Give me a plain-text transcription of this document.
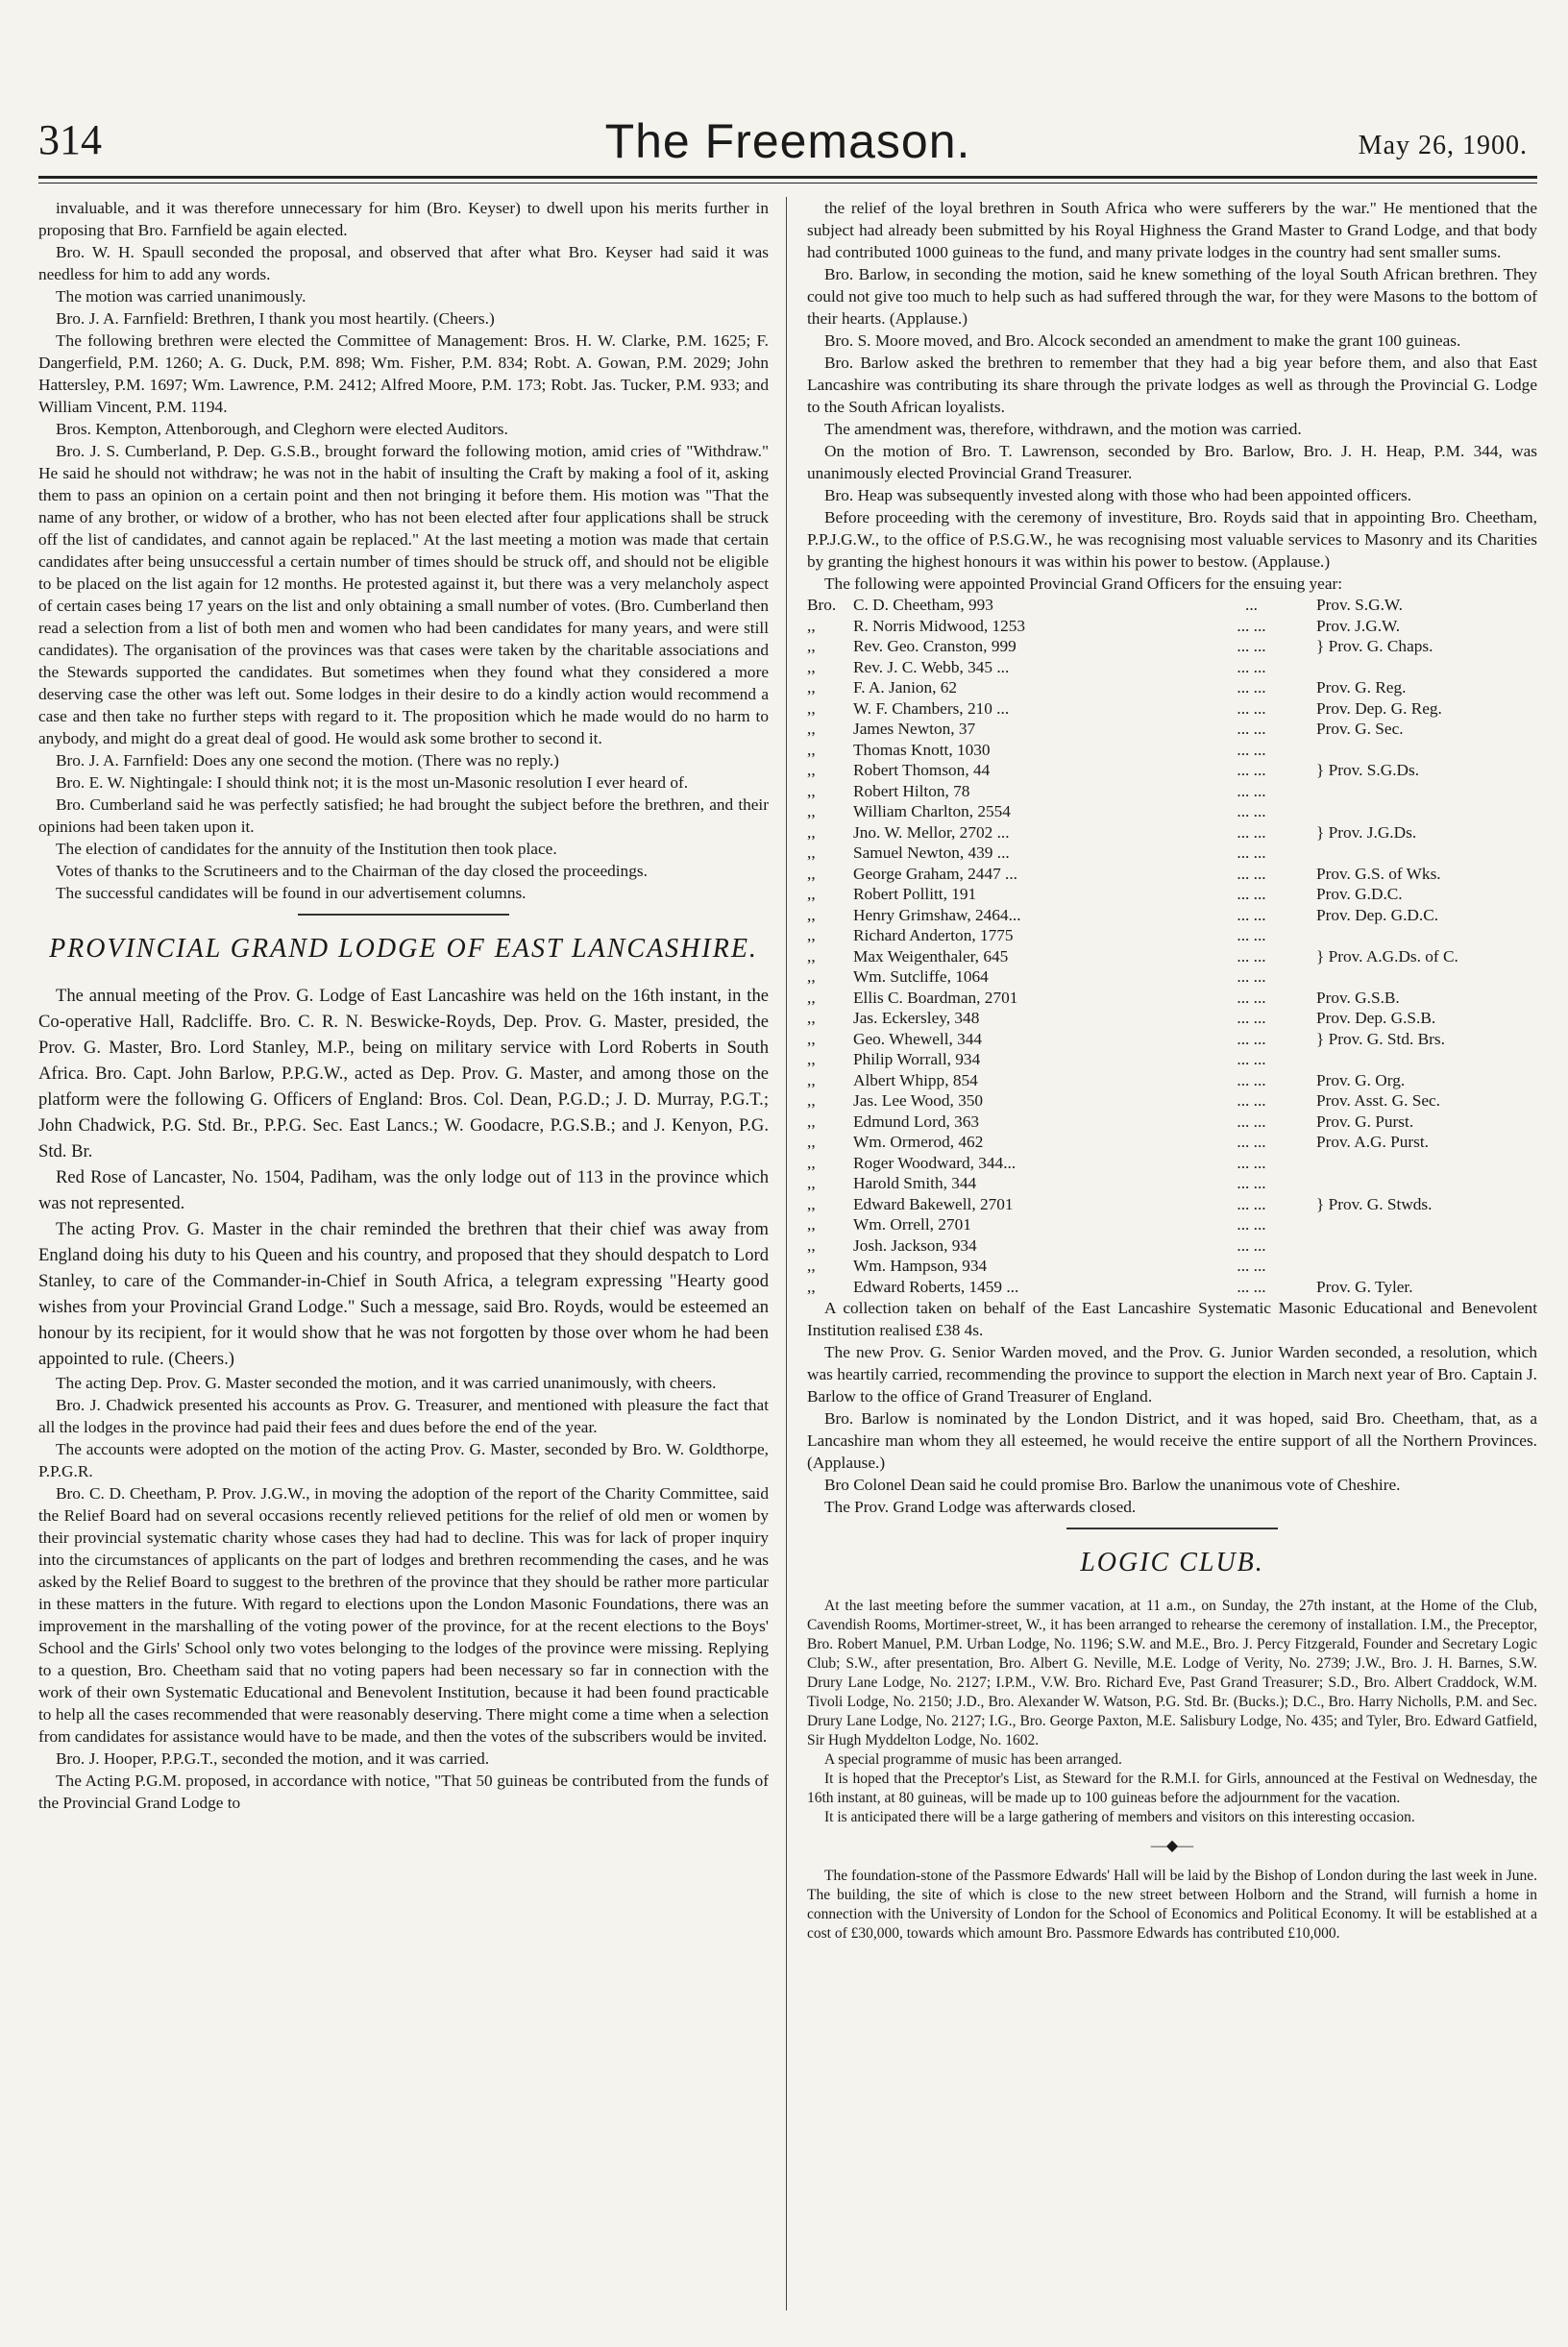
314	The Freemason.	May 26, 1900.

invaluable, and it was therefore unnecessary for him (Bro. Keyser) to dwell upon his merits further in proposing that Bro. Farnfield be again elected.

Bro. W. H. Spaull seconded the proposal, and observed that after what Bro. Keyser had said it was needless for him to add any words.

The motion was carried unanimously.

Bro. J. A. Farnfield: Brethren, I thank you most heartily. (Cheers.)

The following brethren were elected the Committee of Management: Bros. H. W. Clarke, P.M. 1625; F. Dangerfield, P.M. 1260; A. G. Duck, P.M. 898; Wm. Fisher, P.M. 834; Robt. A. Gowan, P.M. 2029; John Hattersley, P.M. 1697; Wm. Lawrence, P.M. 2412; Alfred Moore, P.M. 173; Robt. Jas. Tucker, P.M. 933; and William Vincent, P.M. 1194.

Bros. Kempton, Attenborough, and Cleghorn were elected Auditors.

Bro. J. S. Cumberland, P. Dep. G.S.B., brought forward the following motion, amid cries of "Withdraw." He said he should not withdraw; he was not in the habit of insulting the Craft by making a fool of it, asking them to pass an opinion on a certain point and then not bringing it before them. His motion was "That the name of any brother, or widow of a brother, who has not been elected after four applications shall be struck off the list of candidates, and cannot again be replaced." At the last meeting a motion was made that certain candidates after being unsuccessful a certain number of times should be struck off, and should not be eligible to be placed on the list again for 12 months. He protested against it, but there was a very melancholy aspect of certain cases being 17 years on the list and only obtaining a small number of votes. (Bro. Cumberland then read a selection from a list of both men and women who had been candidates for many years, and were still candidates). The organisation of the provinces was that cases were taken by the charitable associations and the Stewards supported the candidates. But sometimes when they found what they considered a more deserving case the other was left out. Some lodges in their desire to do a kindly action would recommend a case and then take no further steps with regard to it. The proposition which he made would do no harm to anybody, and might do a great deal of good. He would ask some brother to second it.

Bro. J. A. Farnfield: Does any one second the motion. (There was no reply.)

Bro. E. W. Nightingale: I should think not; it is the most un-Masonic resolution I ever heard of.

Bro. Cumberland said he was perfectly satisfied; he had brought the subject before the brethren, and their opinions had been taken upon it.

The election of candidates for the annuity of the Institution then took place.

Votes of thanks to the Scrutineers and to the Chairman of the day closed the proceedings.

The successful candidates will be found in our advertisement columns.

PROVINCIAL GRAND LODGE OF EAST LANCASHIRE.

The annual meeting of the Prov. G. Lodge of East Lancashire was held on the 16th instant, in the Co-operative Hall, Radcliffe. Bro. C. R. N. Beswicke-Royds, Dep. Prov. G. Master, presided, the Prov. G. Master, Bro. Lord Stanley, M.P., being on military service with Lord Roberts in South Africa. Bro. Capt. John Barlow, P.P.G.W., acted as Dep. Prov. G. Master, and among those on the platform were the following G. Officers of England: Bros. Col. Dean, P.G.D.; J. D. Murray, P.G.T.; John Chadwick, P.G. Std. Br., P.P.G. Sec. East Lancs.; W. Goodacre, P.G.S.B.; and J. Kenyon, P.G. Std. Br.

Red Rose of Lancaster, No. 1504, Padiham, was the only lodge out of 113 in the province which was not represented.

The acting Prov. G. Master in the chair reminded the brethren that their chief was away from England doing his duty to his Queen and his country, and proposed that they should despatch to Lord Stanley, to care of the Commander-in-Chief in South Africa, a telegram expressing "Hearty good wishes from your Provincial Grand Lodge." Such a message, said Bro. Royds, would be esteemed an honour by its recipient, for it would show that he was not forgotten by those over whom he had been appointed to rule. (Cheers.)

The acting Dep. Prov. G. Master seconded the motion, and it was carried unanimously, with cheers.

Bro. J. Chadwick presented his accounts as Prov. G. Treasurer, and mentioned with pleasure the fact that all the lodges in the province had paid their fees and dues before the end of the year.

The accounts were adopted on the motion of the acting Prov. G. Master, seconded by Bro. W. Goldthorpe, P.P.G.R.

Bro. C. D. Cheetham, P. Prov. J.G.W., in moving the adoption of the report of the Charity Committee, said the Relief Board had on several occasions recently relieved petitions for the relief of old men or women by their provincial systematic charity whose cases they had had to decline. This was for lack of proper inquiry into the circumstances of applicants on the part of lodges and brethren recommending the cases, and he was asked by the Relief Board to suggest to the brethren of the province that they should be rather more particular in these matters in the future. With regard to elections upon the London Masonic Foundations, there was an improvement in the marshalling of the voting power of the province, for at the recent elections to the Boys' School and the Girls' School only two votes belonging to the lodges of the province were missing. Replying to a question, Bro. Cheetham said that no voting papers had been necessary so far in connection with the work of their own Systematic Educational and Benevolent Institution, because it had been found practicable to help all the cases recommended that were reasonably deserving. There might come a time when a selection from candidates for assistance would have to be made, and then the votes of the subscribers would be invited.

Bro. J. Hooper, P.P.G.T., seconded the motion, and it was carried.

The Acting P.G.M. proposed, in accordance with notice, "That 50 guineas be contributed from the funds of the Provincial Grand Lodge to

the relief of the loyal brethren in South Africa who were sufferers by the war." He mentioned that the subject had already been submitted by his Royal Highness the Grand Master to Grand Lodge, and that body had contributed 1000 guineas to the fund, and many private lodges in the country had sent smaller sums.

Bro. Barlow, in seconding the motion, said he knew something of the loyal South African brethren. They could not give too much to help such as had suffered through the war, for they were Masons to the bottom of their hearts. (Applause.)

Bro. S. Moore moved, and Bro. Alcock seconded an amendment to make the grant 100 guineas.

Bro. Barlow asked the brethren to remember that they had a big year before them, and also that East Lancashire was contributing its share through the private lodges as well as through the Provincial G. Lodge to the South African loyalists.

The amendment was, therefore, withdrawn, and the motion was carried.

On the motion of Bro. T. Lawrenson, seconded by Bro. Barlow, Bro. J. H. Heap, P.M. 344, was unanimously elected Provincial Grand Treasurer.

Bro. Heap was subsequently invested along with those who had been appointed officers.

Before proceeding with the ceremony of investiture, Bro. Royds said that in appointing Bro. Cheetham, P.P.J.G.W., to the office of P.S.G.W., he was recognising most valuable services to Masonry and its Charities by granting the highest honours it was within his power to bestow. (Applause.)

The following were appointed Provincial Grand Officers for the ensuing year:

Bro.	C. D. Cheetham, 993	...	Prov. S.G.W.
,,	R. Norris Midwood, 1253	... ...	Prov. J.G.W.
,,	Rev. Geo. Cranston, 999	... ...	} Prov. G. Chaps.
,,	Rev. J. C. Webb, 345 ...	... ...	
,,	F. A. Janion, 62	... ...	Prov. G. Reg.
,,	W. F. Chambers, 210 ...	... ...	Prov. Dep. G. Reg.
,,	James Newton, 37	... ...	Prov. G. Sec.
,,	Thomas Knott, 1030	... ...	
,,	Robert Thomson, 44	... ...	} Prov. S.G.Ds.
,,	Robert Hilton, 78	... ...	
,,	William Charlton, 2554	... ...	
,,	Jno. W. Mellor, 2702 ...	... ...	} Prov. J.G.Ds.
,,	Samuel Newton, 439 ...	... ...	
,,	George Graham, 2447 ...	... ...	Prov. G.S. of Wks.
,,	Robert Pollitt, 191	... ...	Prov. G.D.C.
,,	Henry Grimshaw, 2464...	... ...	Prov. Dep. G.D.C.
,,	Richard Anderton, 1775	... ...	
,,	Max Weigenthaler, 645	... ...	} Prov. A.G.Ds. of C.
,,	Wm. Sutcliffe, 1064	... ...	
,,	Ellis C. Boardman, 2701	... ...	Prov. G.S.B.
,,	Jas. Eckersley, 348	... ...	Prov. Dep. G.S.B.
,,	Geo. Whewell, 344	... ...	} Prov. G. Std. Brs.
,,	Philip Worrall, 934	... ...	
,,	Albert Whipp, 854	... ...	Prov. G. Org.
,,	Jas. Lee Wood, 350	... ...	Prov. Asst. G. Sec.
,,	Edmund Lord, 363	... ...	Prov. G. Purst.
,,	Wm. Ormerod, 462	... ...	Prov. A.G. Purst.
,,	Roger Woodward, 344...	... ...	
,,	Harold Smith, 344	... ...	
,,	Edward Bakewell, 2701	... ...	} Prov. G. Stwds.
,,	Wm. Orrell, 2701	... ...	
,,	Josh. Jackson, 934	... ...	
,,	Wm. Hampson, 934	... ...	
,,	Edward Roberts, 1459 ...	... ...	Prov. G. Tyler.

A collection taken on behalf of the East Lancashire Systematic Masonic Educational and Benevolent Institution realised £38 4s.

The new Prov. G. Senior Warden moved, and the Prov. G. Junior Warden seconded, a resolution, which was heartily carried, recommending the province to support the election in March next year of Bro. Captain J. Barlow to the office of Grand Treasurer of England.

Bro. Barlow is nominated by the London District, and it was hoped, said Bro. Cheetham, that, as a Lancashire man whom they all esteemed, he would receive the entire support of all the Northern Provinces. (Applause.)

Bro Colonel Dean said he could promise Bro. Barlow the unanimous vote of Cheshire.

The Prov. Grand Lodge was afterwards closed.

LOGIC CLUB.

At the last meeting before the summer vacation, at 11 a.m., on Sunday, the 27th instant, at the Home of the Club, Cavendish Rooms, Mortimer-street, W., it has been arranged to rehearse the ceremony of installation. I.M., the Preceptor, Bro. Robert Manuel, P.M. Urban Lodge, No. 1196; S.W. and M.E., Bro. J. Percy Fitzgerald, Founder and Secretary Logic Club; S.W., after presentation, Bro. Albert G. Neville, M.E. Lodge of Verity, No. 2739; J.W., Bro. J. H. Barnes, S.W. Drury Lane Lodge, No. 2127; I.P.M., V.W. Bro. Richard Eve, Past Grand Treasurer; S.D., Bro. Albert Craddock, W.M. Tivoli Lodge, No. 2150; J.D., Bro. Alexander W. Watson, P.G. Std. Br. (Bucks.); D.C., Bro. Harry Nicholls, P.M. and Sec. Drury Lane Lodge, No. 2127; I.G., Bro. George Paxton, M.E. Salisbury Lodge, No. 435; and Tyler, Bro. Edward Gatfield, Sir Hugh Myddelton Lodge, No. 1602.

A special programme of music has been arranged.

It is hoped that the Preceptor's List, as Steward for the R.M.I. for Girls, announced at the Festival on Wednesday, the 16th instant, at 80 guineas, will be made up to 100 guineas before the adjournment for the vacation.

It is anticipated there will be a large gathering of members and visitors on this interesting occasion.

—◆—

The foundation-stone of the Passmore Edwards' Hall will be laid by the Bishop of London during the last week in June. The building, the site of which is close to the new street between Holborn and the Strand, will furnish a home in connection with the University of London for the School of Economics and Political Economy. It will be established at a cost of £30,000, towards which amount Bro. Passmore Edwards has contributed £10,000.
